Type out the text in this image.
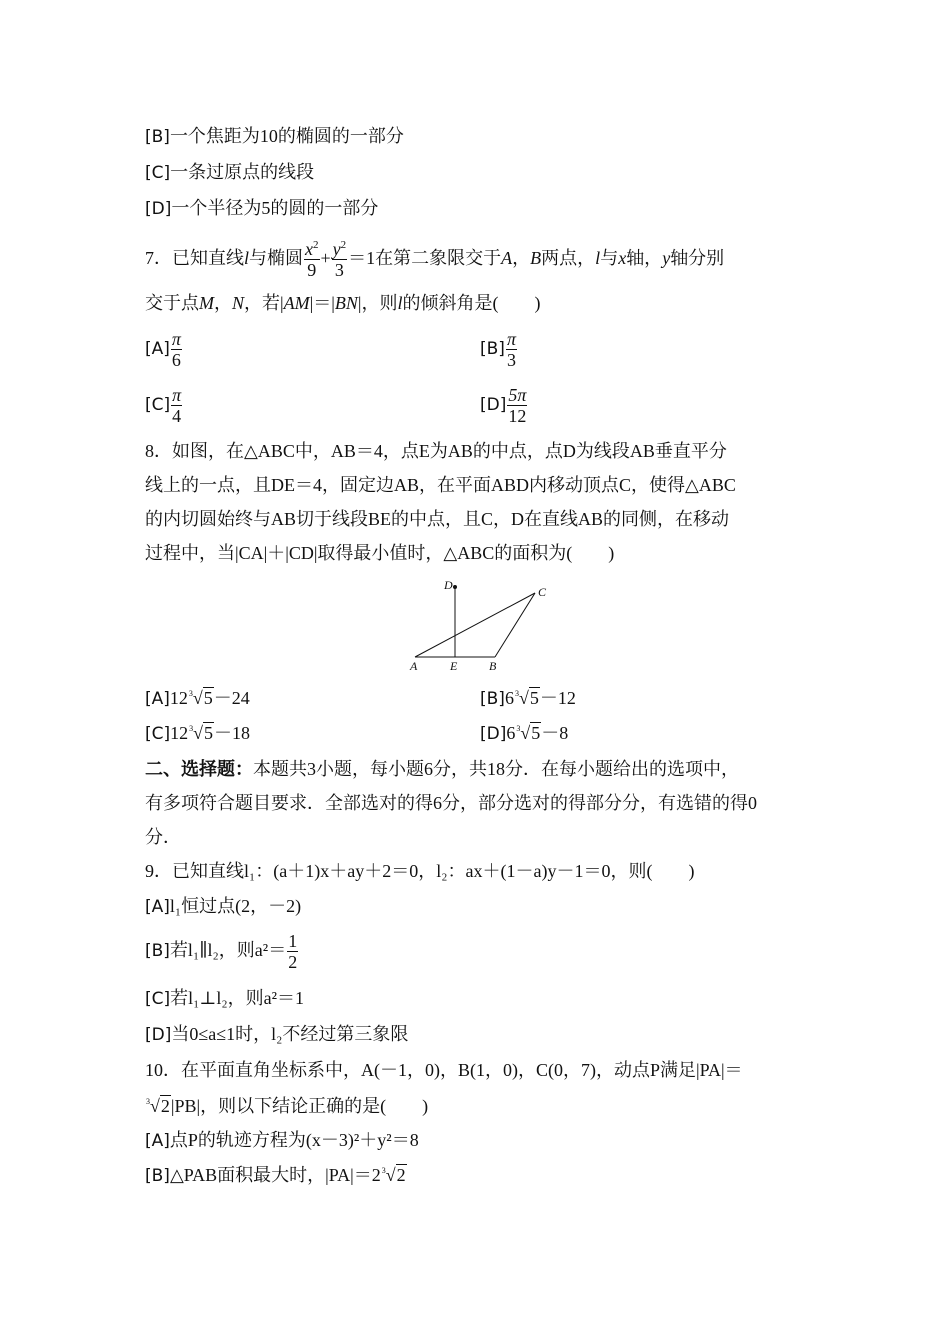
[B]一个焦距为10的椭圆的一部分
[C]一条过原点的线段
[D]一个半径为5的圆的一部分
7．已知直线l与椭圆 $\frac{x^2}{9} + \frac{y^2}{3} =1$在第二象限交于A，B两点，l与x轴，y轴分别
交于点M，N，若|AM|＝|BN|，则l的倾斜角是(　　)
$[A] \frac{\pi}{6}$	$[B] \frac{\pi}{3}$
$[C] \frac{\pi}{4}$	$[D] \frac{5\pi}{12}$
8．如图，在△ABC中，AB＝4，点E为AB的中点，点D为线段AB垂直平分
线上的一点，且DE＝4，固定边AB，在平面ABD内移动顶点C，使得△ABC
的内切圆始终与AB切于线段BE的中点，且C，D在直线AB的同侧，在移动
过程中，当|CA|＋|CD|取得最小值时，△ABC的面积为(　　)
D	C
A	E	B
[A]12 3 √5－24	[B]6 3 √5－12
[C]12 3 √5－18	[D]6 3 √5－8
二、选择题：本题共3小题，每小题6分，共18分．在每小题给出的选项中，
有多项符合题目要求．全部选对的得6分，部分选对的得部分分，有选错的得0
分．
9．已知直线l₁：(a＋1)x＋ay＋2＝0，l₂：ax＋(1－a)y－1＝0，则(　　)
[A]l₁恒过点(2，－2)
[B]若l₁∥l₂，则$a^2= \frac{1}{2}$
[C]若l₁⊥l₂，则a²＝1
[D]当0≤a≤1时，l₂不经过第三象限
10．在平面直角坐标系中，A(－1，0)，B(1，0)，C(0，7)，动点P满足|PA|＝
3 √2|PB|，则以下结论正确的是(　　)
[A]点P的轨迹方程为(x－3)²＋y²＝8
[B]△PAB面积最大时，|PA|＝2 3 √2
